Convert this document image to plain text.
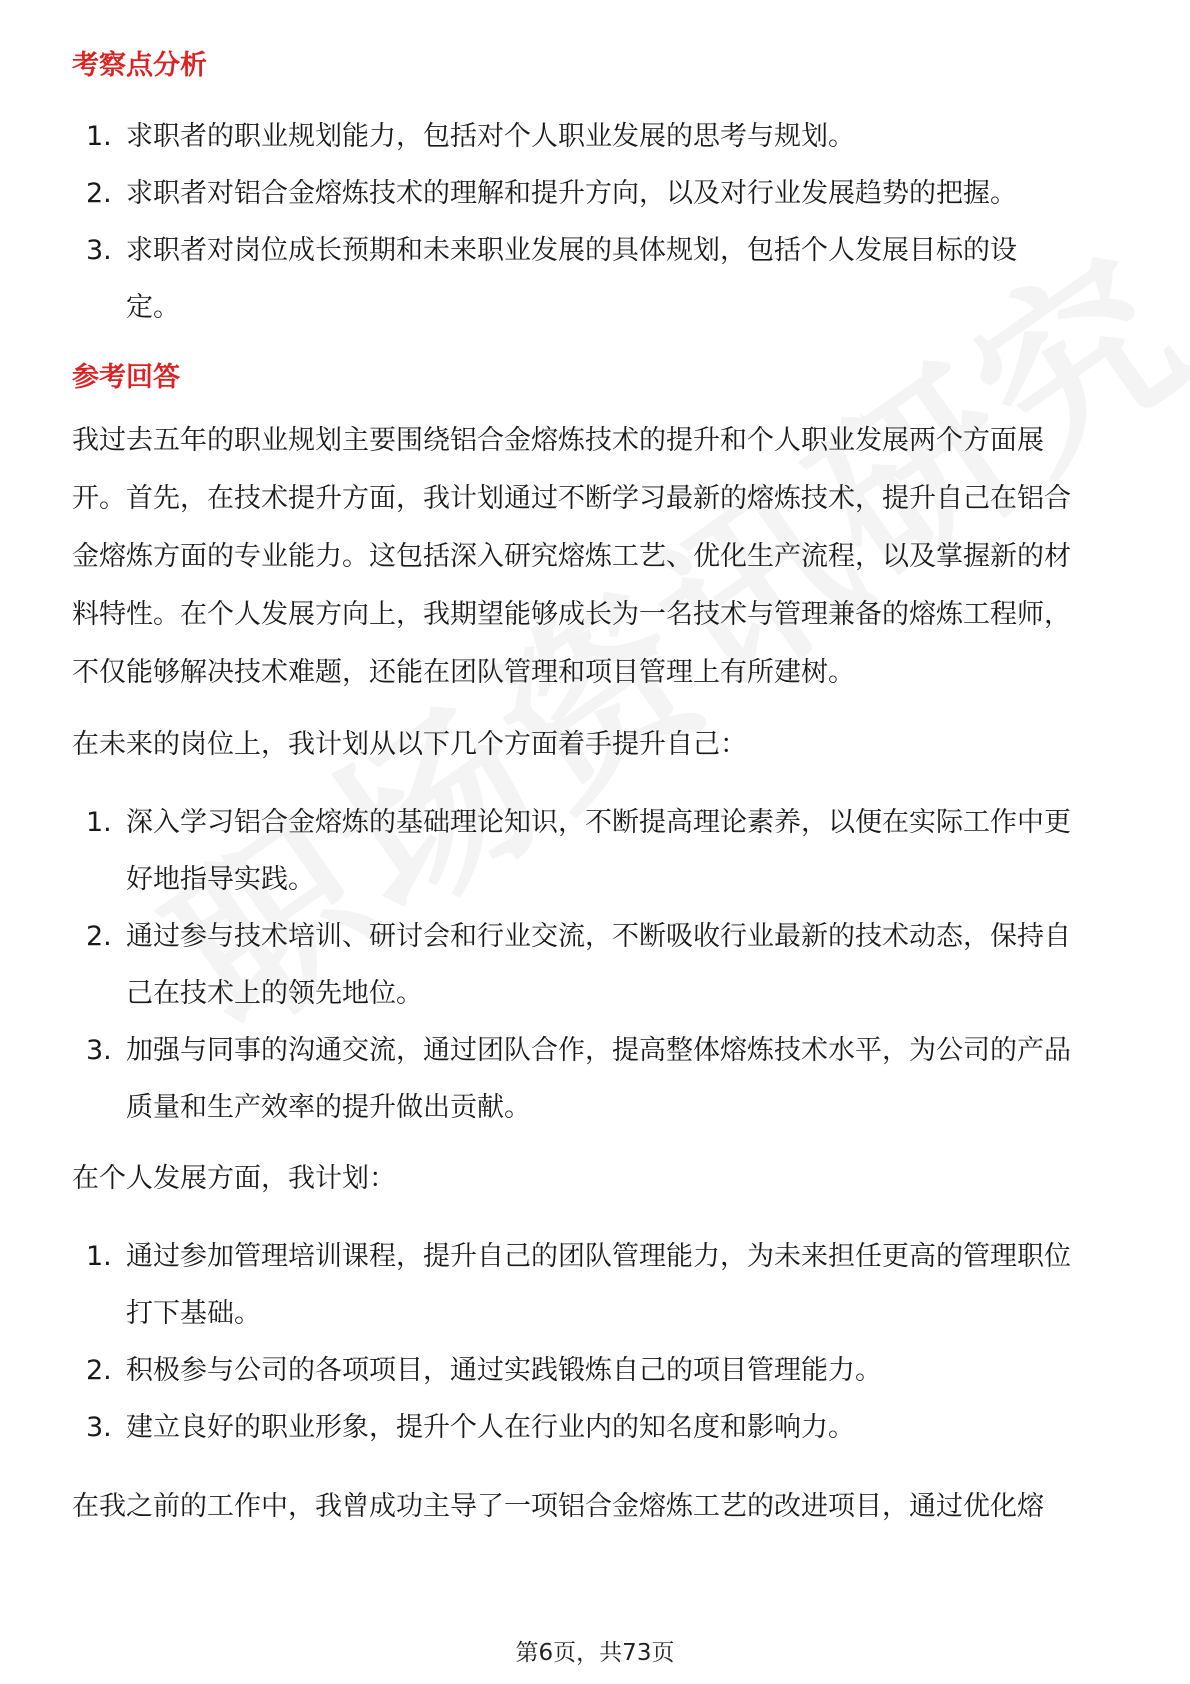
考察点分析
1. 求职者的职业规划能力，包括对个人职业发展的思考与规划。
2. 求职者对铝合金熔炼技术的理解和提升方向，以及对行业发展趋势的把握。
3. 求职者对岗位成长预期和未来职业发展的具体规划，包括个人发展目标的设定。
参考回答

我过去五年的职业规划主要围绕铝合金熔炼技术的提升和个人职业发展两个方面展开。首先，在技术提升方面，我计划通过不断学习最新的熔炼技术，提升自己在铝合金熔炼方面的专业能力。这包括深入研究熔炼工艺、优化生产流程，以及掌握新的材料特性。在个人发展方向上，我期望能够成长为一名技术与管理兼备的熔炼工程师，不仅能够解决技术难题，还能在团队管理和项目管理上有所建树。

在未来的岗位上，我计划从以下几个方面着手提升自己：

1. 深入学习铝合金熔炼的基础理论知识，不断提高理论素养，以便在实际工作中更好地指导实践。
2. 通过参与技术培训、研讨会和行业交流，不断吸收行业最新的技术动态，保持自己在技术上的领先地位。
3. 加强与同事的沟通交流，通过团队合作，提高整体熔炼技术水平，为公司的产品质量和生产效率的提升做出贡献。

在个人发展方面，我计划：

1. 通过参加管理培训课程，提升自己的团队管理能力，为未来担任更高的管理职位打下基础。
2. 积极参与公司的各项项目，通过实践锻炼自己的项目管理能力。
3. 建立良好的职业形象，提升个人在行业内的知名度和影响力。

在我之前的工作中，我曾成功主导了一项铝合金熔炼工艺的改进项目，通过优化熔

第6页，共73页
